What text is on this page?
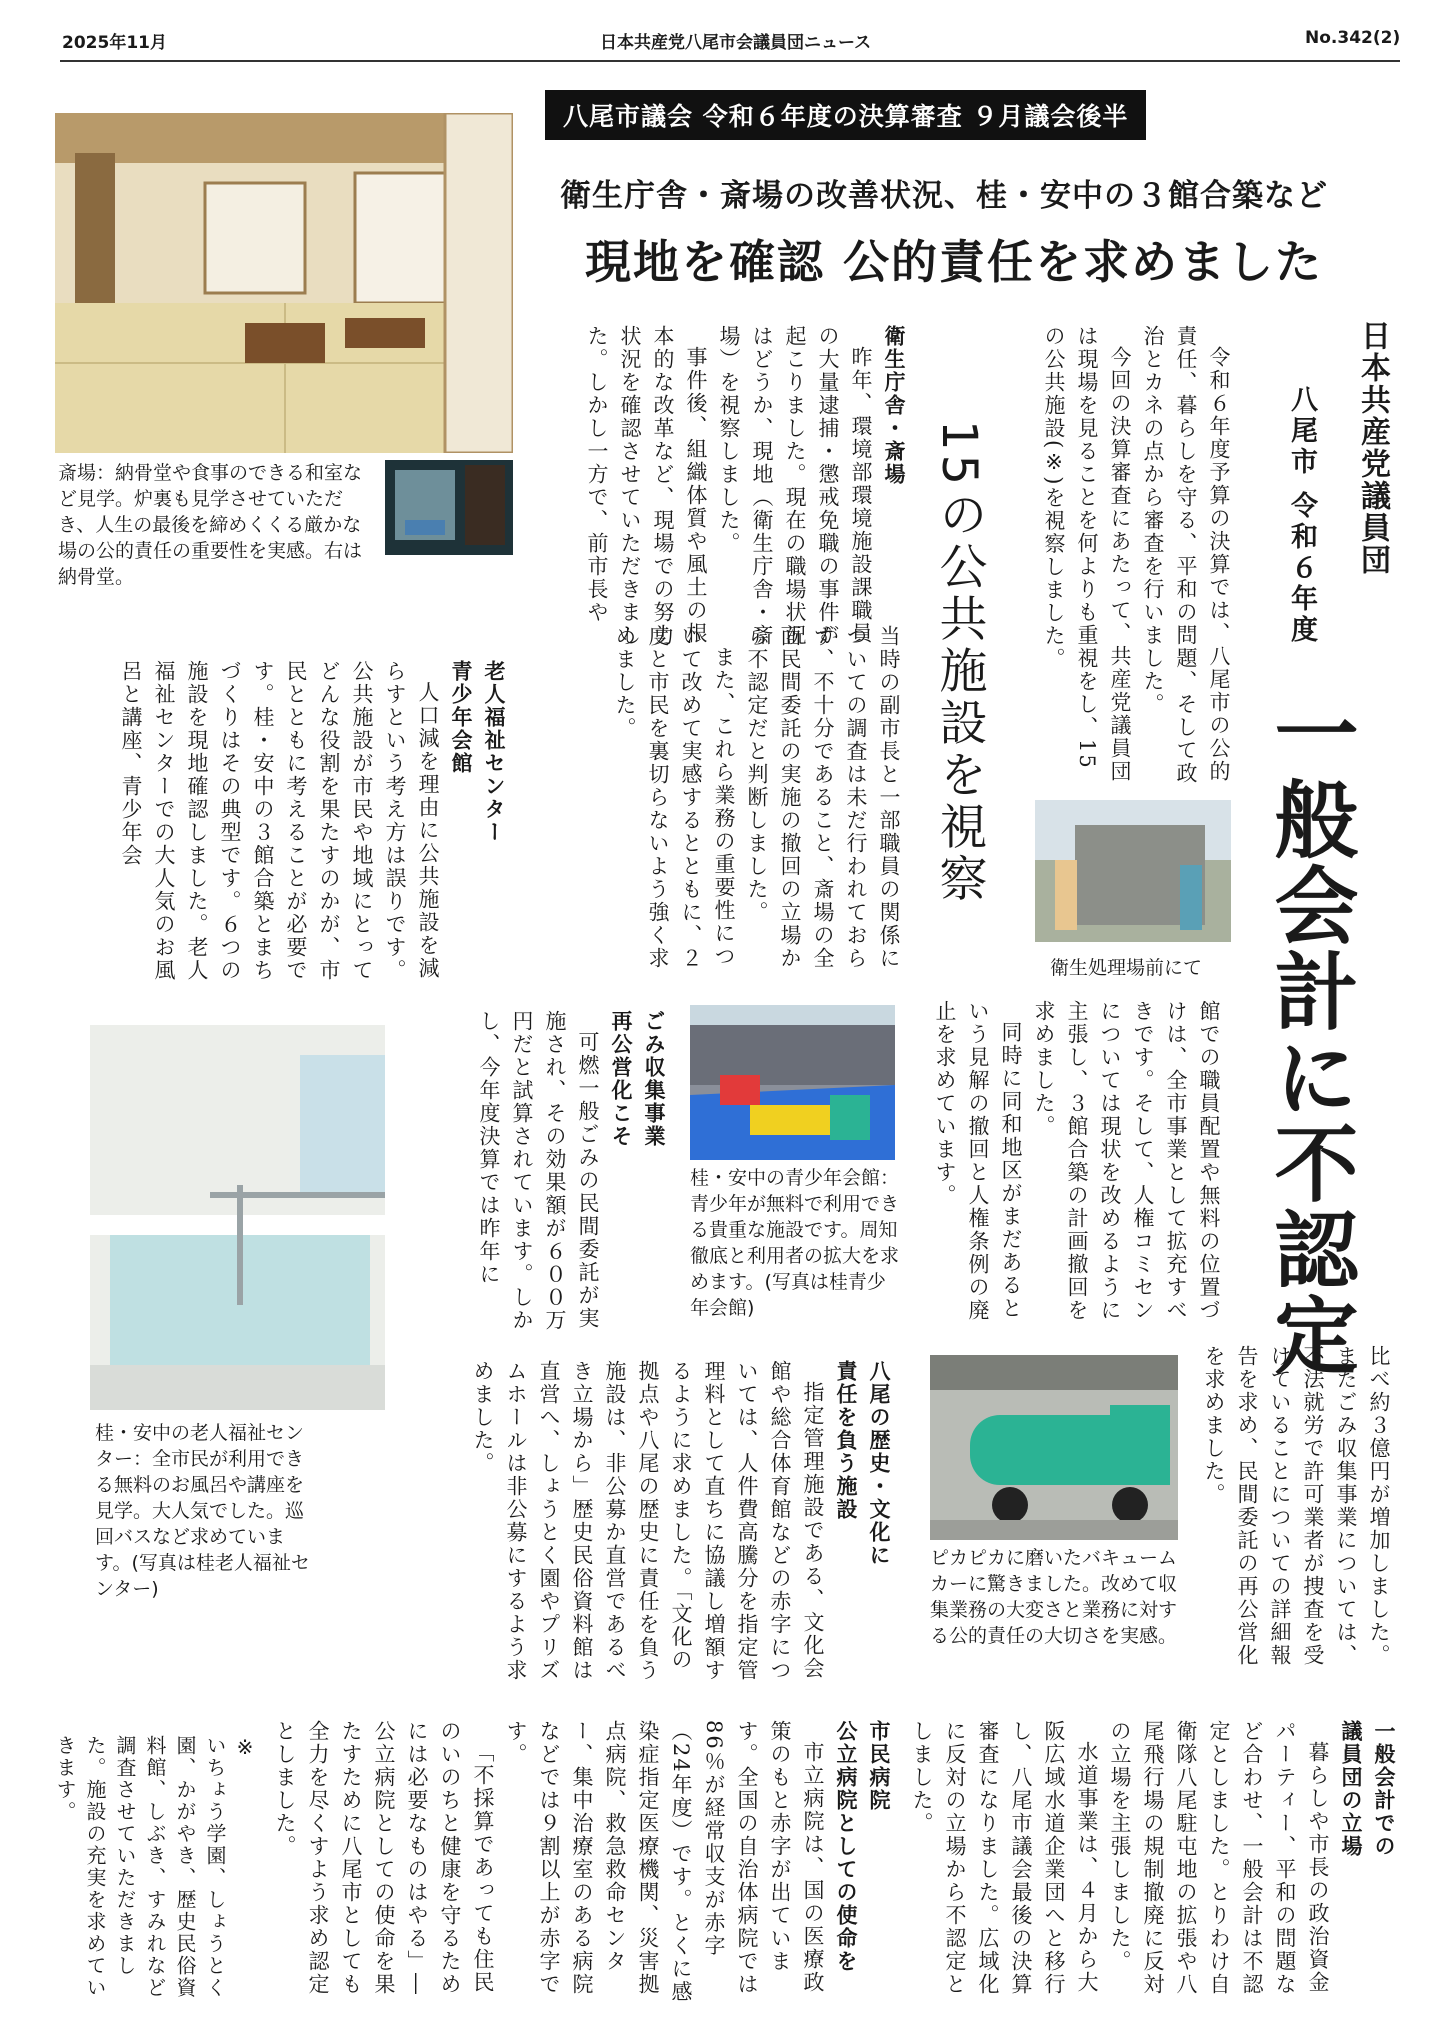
2025年11月	日本共産党八尾市会議員団ニュース	No.342(2)
八尾市議会 令和６年度の決算審査 ９月議会後半
衛生庁舎・斎場の改善状況、桂・安中の３館合築など
現地を確認 公的責任を求めました
斎場：納骨堂や食事のできる和室など見学。炉裏も見学させていただき、人生の最後を締めくくる厳かな場の公的責任の重要性を実感。右は納骨堂。
日本共産党議員団
八尾市 令和６年度
一般会計に不認定

令和６年度予算の決算では、八尾市の公的責任、暮らしを守る、平和の問題、そして政治とカネの点から審査を行いました。

今回の決算審査にあたって、共産党議員団は現場を見ることを何よりも重視をし、15の公共施設(※)を視察しました。

衛生処理場前にて
15の公共施設を視察

衛生庁舎・斎場

昨年、環境部環境施設課職員の大量逮捕・懲戒免職の事件が起こりました。現在の職場状況はどうか、現地（衛生庁舎・斎場）を視察しました。

事件後、組織体質や風土の根本的な改革など、現場での努力状況を確認させていただきました。しかし一方で、前市長や

当時の副市長と一部職員の関係についての調査は未だ行われておらず、不十分であること、斎場の全面民間委託の実施の撤回の立場から不認定だと判断しました。

また、これら業務の重要性について改めて実感するとともに、２度と市民を裏切らないよう強く求めました。

館での職員配置や無料の位置づけは、全市事業として拡充すべきです。そして、人権コミセンについては現状を改めるように主張し、３館合築の計画撤回を求めました。

同時に同和地区がまだあるという見解の撤回と人権条例の廃止を求めています。

老人福祉センター

青少年会館

人口減を理由に公共施設を減らすという考え方は誤りです。公共施設が市民や地域にとってどんな役割を果たすのかが、市民とともに考えることが必要です。桂・安中の３館合築とまちづくりはその典型です。６つの施設を現地確認しました。老人福祉センターでの大人気のお風呂と講座、青少年会

桂・安中の青少年会館：青少年が無料で利用できる貴重な施設です。周知徹底と利用者の拡大を求めます。(写真は桂青少年会館)

ごみ収集事業

再公営化こそ

可燃一般ごみの民間委託が実施され、その効果額が６００万円だと試算されています。しかし、今年度決算では昨年に

桂・安中の老人福祉センター：全市民が利用できる無料のお風呂や講座を見学。大人気でした。巡回バスなど求めています。(写真は桂老人福祉センター)	比べ約３億円が増加しました。またごみ収集事業については、不法就労で許可業者が捜査を受けていることについての詳細報告を求め、民間委託の再公営化を求めました。

ピカピカに磨いたバキュームカーに驚きました。改めて収集業務の大変さと業務に対する公的責任の大切さを実感。

八尾の歴史・文化に

責任を負う施設

指定管理施設である、文化会館や総合体育館などの赤字については、人件費高騰分を指定管理料として直ちに協議し増額するように求めました。「文化の拠点や八尾の歴史に責任を負う施設は、非公募か直営であるべき立場から」歴史民俗資料館は直営へ、しょうとく園やプリズムホールは非公募にするよう求めました。

一般会計での

議員団の立場

暮らしや市長の政治資金パーティー、平和の問題など合わせ、一般会計は不認定としました。とりわけ自衛隊八尾駐屯地の拡張や八尾飛行場の規制撤廃に反対の立場を主張しました。

水道事業は、４月から大阪広域水道企業団へと移行し、八尾市議会最後の決算審査になりました。広域化に反対の立場から不認定としました。

市民病院

公立病院としての使命を

市立病院は、国の医療政策のもと赤字が出ています。全国の自治体病院では86％が経常収支が赤字（24年度）です。とくに感染症指定医療機関、災害拠点病院、救急救命センター、集中治療室のある病院などでは９割以上が赤字です。

「不採算であっても住民のいのちと健康を守るためには必要なものはやる」―公立病院としての使命を果たすために八尾市としても全力を尽くすよう求め認定としました。

※

いちょう学園、しょうとく園、かがやき、歴史民俗資料館、しぶき、すみれなど調査させていただきました。施設の充実を求めていきます。
